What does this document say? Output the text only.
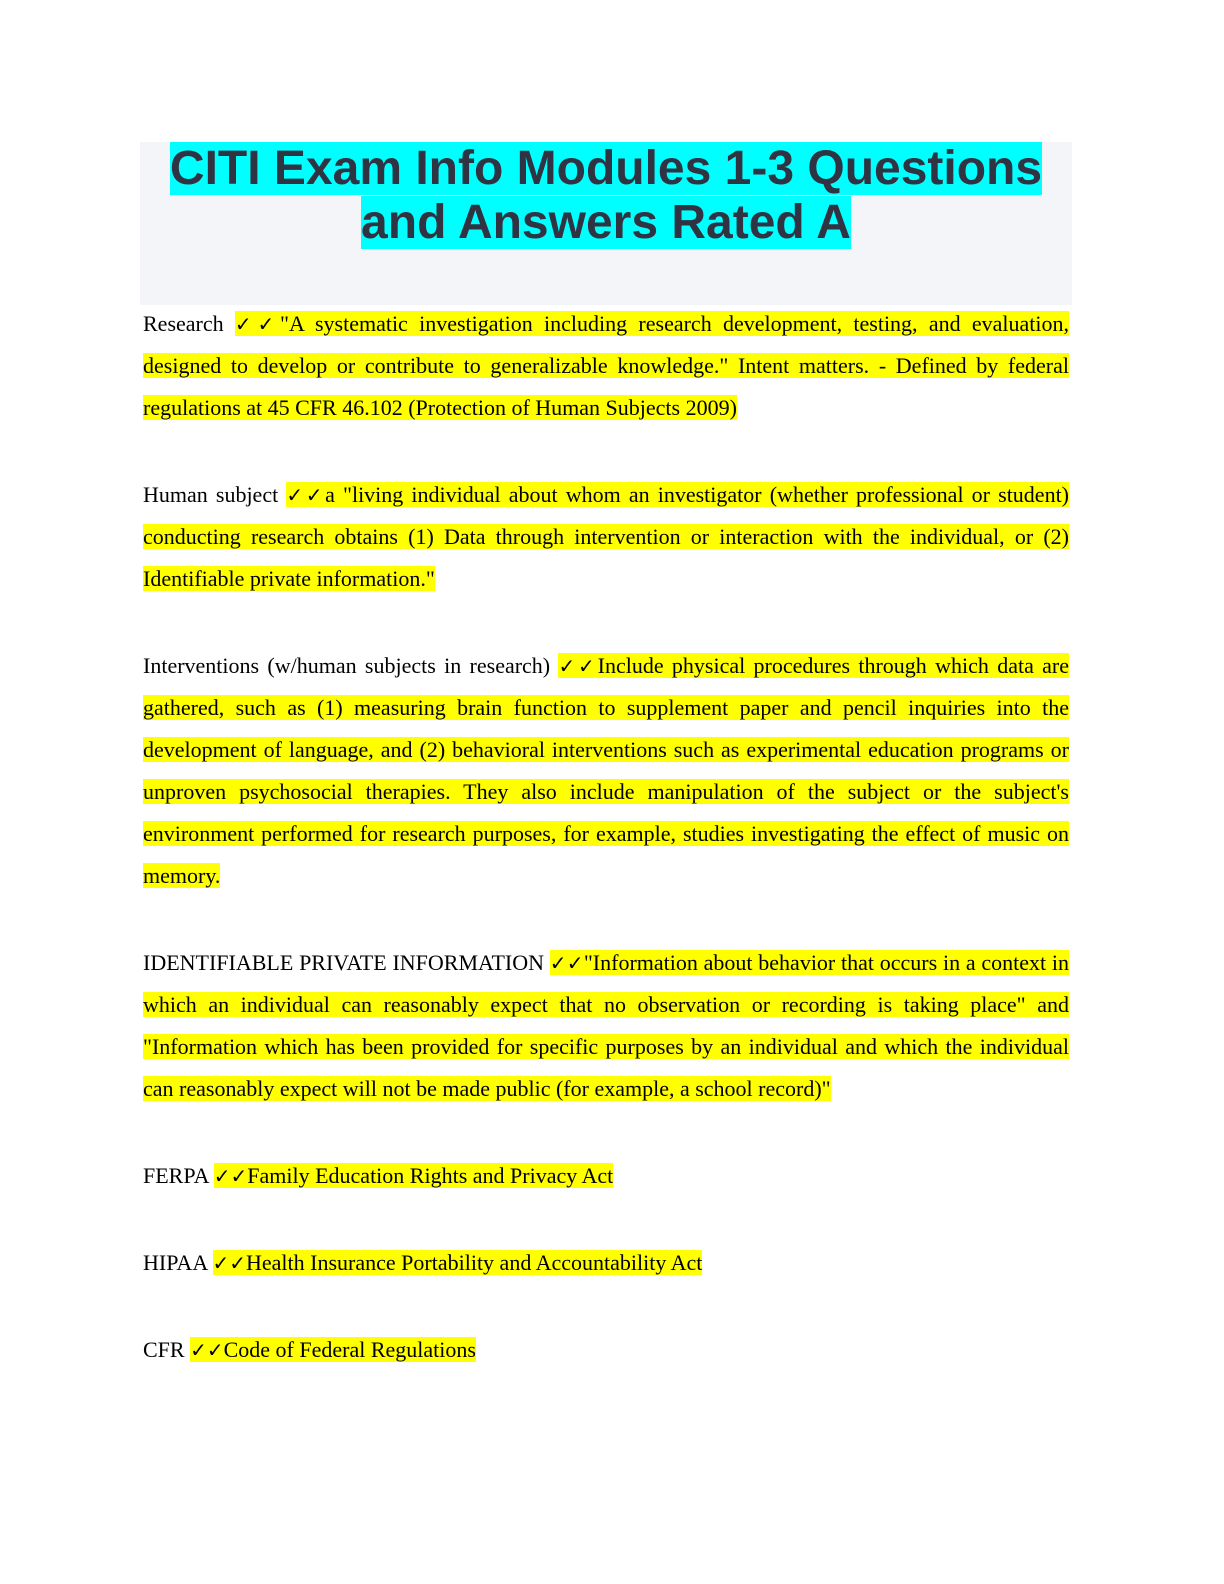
CITI Exam Info Modules 1-3 Questions and Answers Rated A

Research ✓✓"A systematic investigation including research development, testing, and evaluation, designed to develop or contribute to generalizable knowledge." Intent matters. - Defined by federal regulations at 45 CFR 46.102 (Protection of Human Subjects 2009)

Human subject ✓✓a "living individual about whom an investigator (whether professional or student) conducting research obtains (1) Data through intervention or interaction with the individual, or (2) Identifiable private information."

Interventions (w/human subjects in research) ✓✓Include physical procedures through which data are gathered, such as (1) measuring brain function to supplement paper and pencil inquiries into the development of language, and (2) behavioral interventions such as experimental education programs or unproven psychosocial therapies. They also include manipulation of the subject or the subject's environment performed for research purposes, for example, studies investigating the effect of music on memory.

IDENTIFIABLE PRIVATE INFORMATION ✓✓"Information about behavior that occurs in a context in which an individual can reasonably expect that no observation or recording is taking place" and "Information which has been provided for specific purposes by an individual and which the individual can reasonably expect will not be made public (for example, a school record)"

FERPA ✓✓Family Education Rights and Privacy Act

HIPAA ✓✓Health Insurance Portability and Accountability Act

CFR ✓✓Code of Federal Regulations
